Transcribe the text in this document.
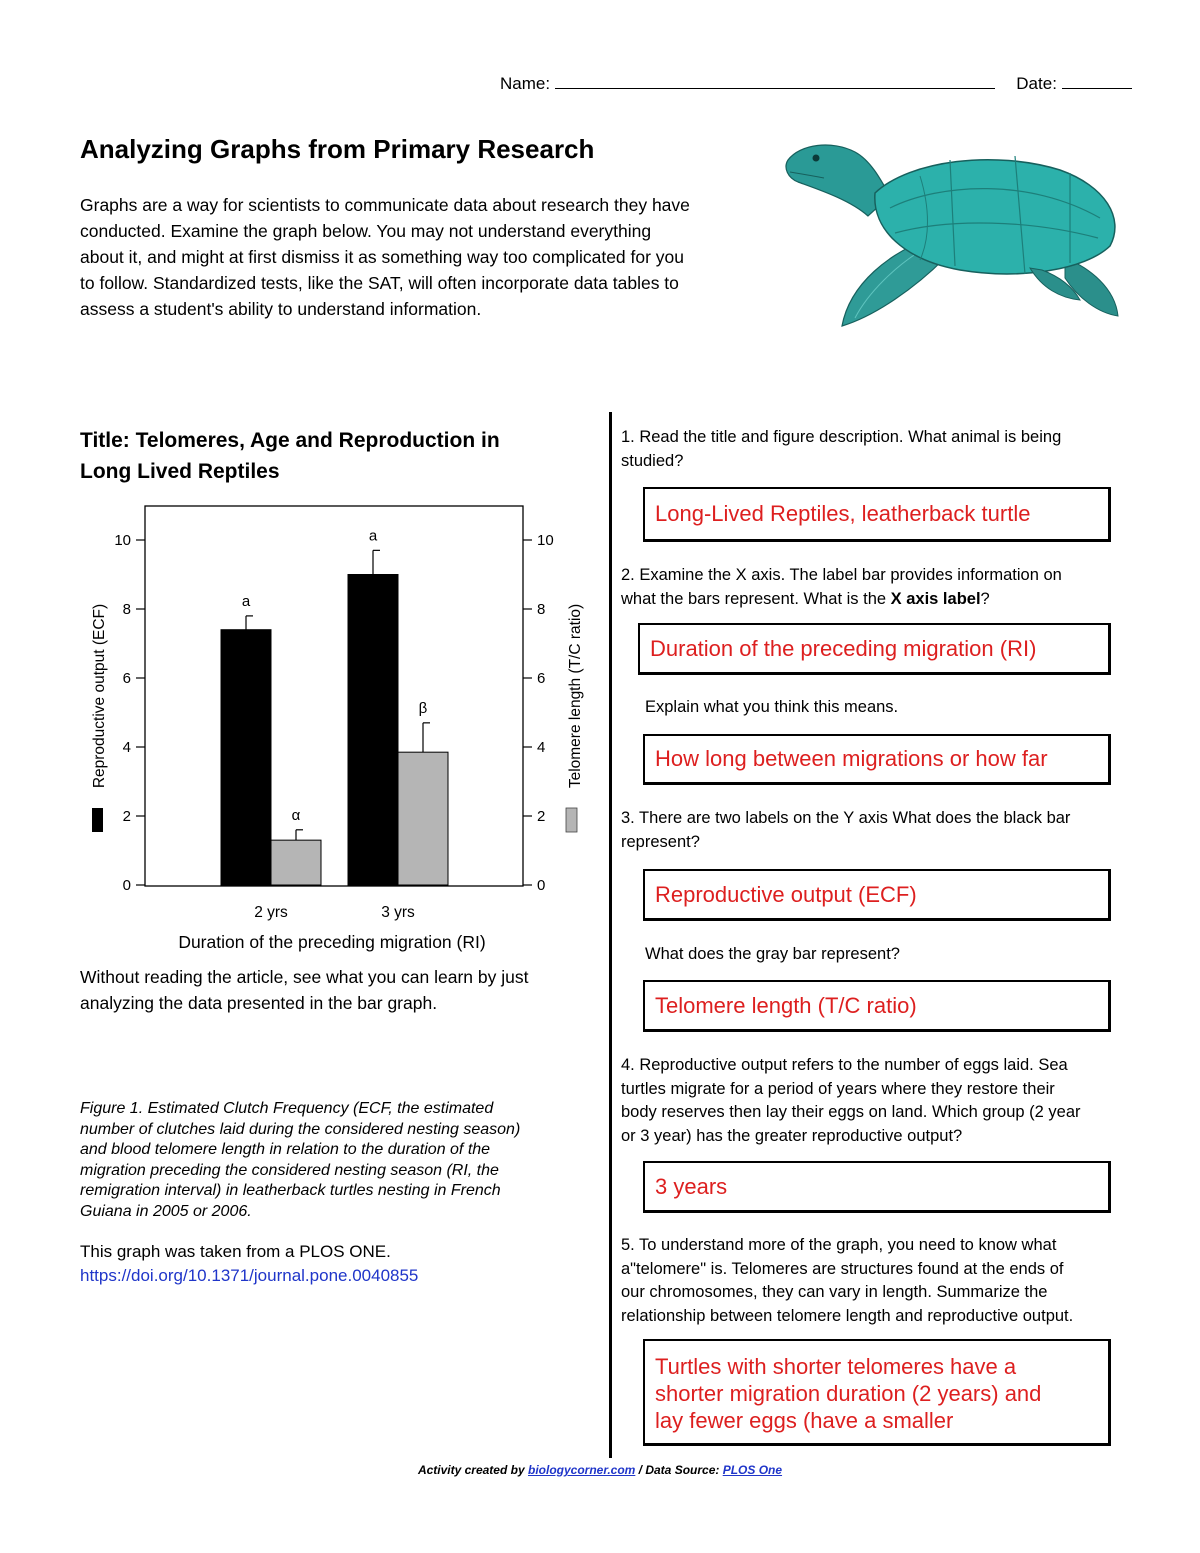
Name:	Date:
Analyzing Graphs from Primary Research

Graphs are a way for scientists to communicate data about research they have

conducted. Examine the graph below. You may not understand everything

about it, and might at first dismiss it as something way too complicated for you

to follow. Standardized tests, like the SAT, will often incorporate data tables to

assess a student's ability to understand information.

Title: Telomeres, Age and Reproduction in
Long Lived Reptiles
0	0
2	2
4	4
6	6
8	8
10	10
a
α
2 yrs
a
β
3 yrs
Reproductive output (ECF)	Telomere length (T/C ratio)
Duration of the preceding migration (RI)
Without reading the article, see what you can learn by just
analyzing the data presented in the bar graph.
Figure 1. Estimated Clutch Frequency (ECF, the estimated
number of clutches laid during the considered nesting season)
and blood telomere length in relation to the duration of the
migration preceding the considered nesting season (RI, the
remigration interval) in leatherback turtles nesting in French
Guiana in 2005 or 2006.
This graph was taken from a PLOS ONE.
https://doi.org/10.1371/journal.pone.0040855
1. Read the title and figure description. What animal is being
studied?
Long-Lived Reptiles, leatherback turtle
2. Examine the X axis. The label bar provides information on
what the bars represent. What is the X axis label?
Duration of the preceding migration (RI)
Explain what you think this means.
How long between migrations or how far
3. There are two labels on the Y axis What does the black bar
represent?
Reproductive output (ECF)
What does the gray bar represent?
Telomere length (T/C ratio)
4. Reproductive output refers to the number of eggs laid. Sea
turtles migrate for a period of years where they restore their
body reserves then lay their eggs on land. Which group (2 year
or 3 year) has the greater reproductive output?
3 years
5. To understand more of the graph, you need to know what
a"telomere" is. Telomeres are structures found at the ends of
our chromosomes, they can vary in length. Summarize the
relationship between telomere length and reproductive output.
Turtles with shorter telomeres have a
shorter migration duration (2 years) and
lay fewer eggs (have a smaller
Activity created by biologycorner.com / Data Source: PLOS One
